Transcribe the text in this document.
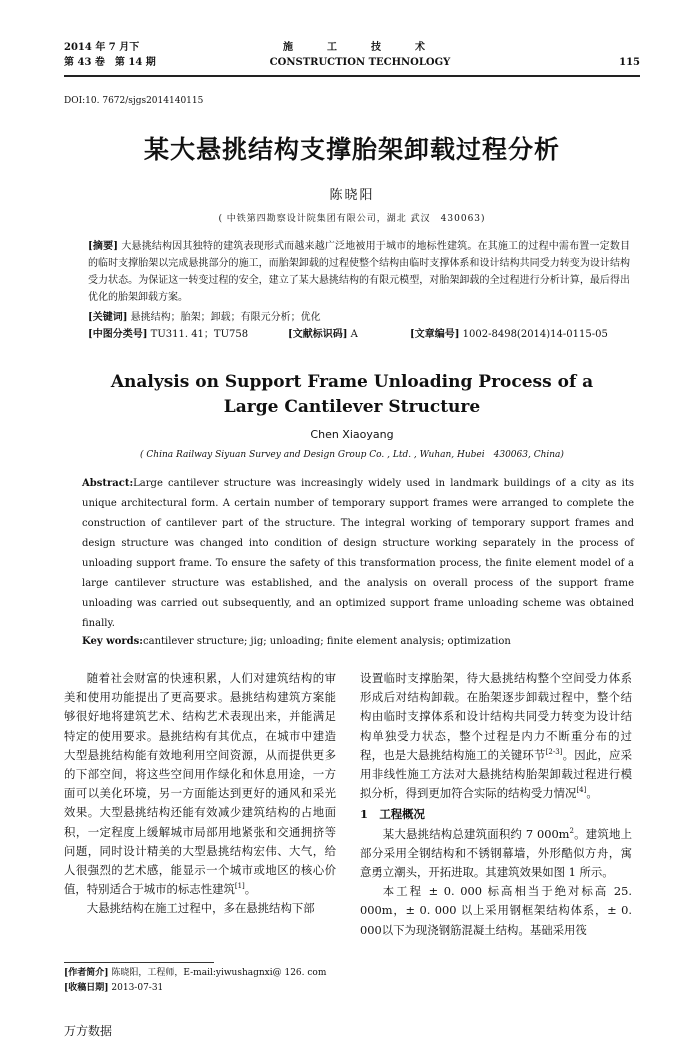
2014 年 7 月下
第 43 卷　第 14 期
施　工　技　术
CONSTRUCTION TECHNOLOGY	115
DOI:10. 7672/sjgs2014140115
某大悬挑结构支撑胎架卸载过程分析
陈晓阳
( 中铁第四勘察设计院集团有限公司，湖北 武汉　430063)
[摘要] 大悬挑结构因其独特的建筑表现形式而越来越广泛地被用于城市的地标性建筑。在其施工的过程中需布置一定数目的临时支撑胎架以完成悬挑部分的施工，而胎架卸载的过程使整个结构由临时支撑体系和设计结构共同受力转变为设计结构受力状态。为保证这一转变过程的安全，建立了某大悬挑结构的有限元模型，对胎架卸载的全过程进行分析计算，最后得出优化的胎架卸载方案。
[关键词] 悬挑结构；胎架；卸载；有限元分析；优化
[中图分类号] TU311. 41；TU758	[文献标识码] A	[文章编号] 1002-8498(2014)14-0115-05
Analysis on Support Frame Unloading Process of a
Large Cantilever Structure
Chen Xiaoyang
( China Railway Siyuan Survey and Design Group Co. , Ltd. , Wuhan, Hubei　430063, China)
Abstract:Large cantilever structure was increasingly widely used in landmark buildings of a city as its unique architectural form. A certain number of temporary support frames were arranged to complete the construction of cantilever part of the structure. The integral working of temporary support frames and design structure was changed into condition of design structure working separately in the process of unloading support frame. To ensure the safety of this transformation process, the finite element model of a large cantilever structure was established, and the analysis on overall process of the support frame unloading was carried out subsequently, and an optimized support frame unloading scheme was obtained finally.
Key words:cantilever structure; jig; unloading; finite element analysis; optimization

随着社会财富的快速积累，人们对建筑结构的审美和使用功能提出了更高要求。悬挑结构建筑方案能够很好地将建筑艺术、结构艺术表现出来，并能满足特定的使用要求。悬挑结构有其优点，在城市中建造大型悬挑结构能有效地利用空间资源，从而提供更多的下部空间，将这些空间用作绿化和休息用途，一方面可以美化环境，另一方面能达到更好的通风和采光效果。大型悬挑结构还能有效减少建筑结构的占地面积，一定程度上缓解城市局部用地紧张和交通拥挤等问题，同时设计精美的大型悬挑结构宏伟、大气，给人很强烈的艺术感，能显示一个城市或地区的核心价值，特别适合于城市的标志性建筑[1]。

大悬挑结构在施工过程中，多在悬挑结构下部

[作者简介] 陈晓阳，工程师，E-mail:yiwushagnxi@ 126. com
[收稿日期] 2013-07-31

设置临时支撑胎架，待大悬挑结构整个空间受力体系形成后对结构卸载。在胎架逐步卸载过程中，整个结构由临时支撑体系和设计结构共同受力转变为设计结构单独受力状态，整个过程是内力不断重分布的过程，也是大悬挑结构施工的关键环节[2-3]。因此，应采用非线性施工方法对大悬挑结构胎架卸载过程进行模拟分析，得到更加符合实际的结构受力情况[4]。

1　工程概况

某大悬挑结构总建筑面积约 7 $000m^2$。建筑地上部分采用全钢结构和不锈钢幕墙，外形酷似方舟，寓意勇立潮头，开拓进取。其建筑效果如图 1 所示。

本工程 ± 0. 000 标高相当于绝对标高 25. 000m，± 0. 000 以上采用钢框架结构体系，± 0. 000以下为现浇钢筋混凝土结构。基础采用筏

万方数据
